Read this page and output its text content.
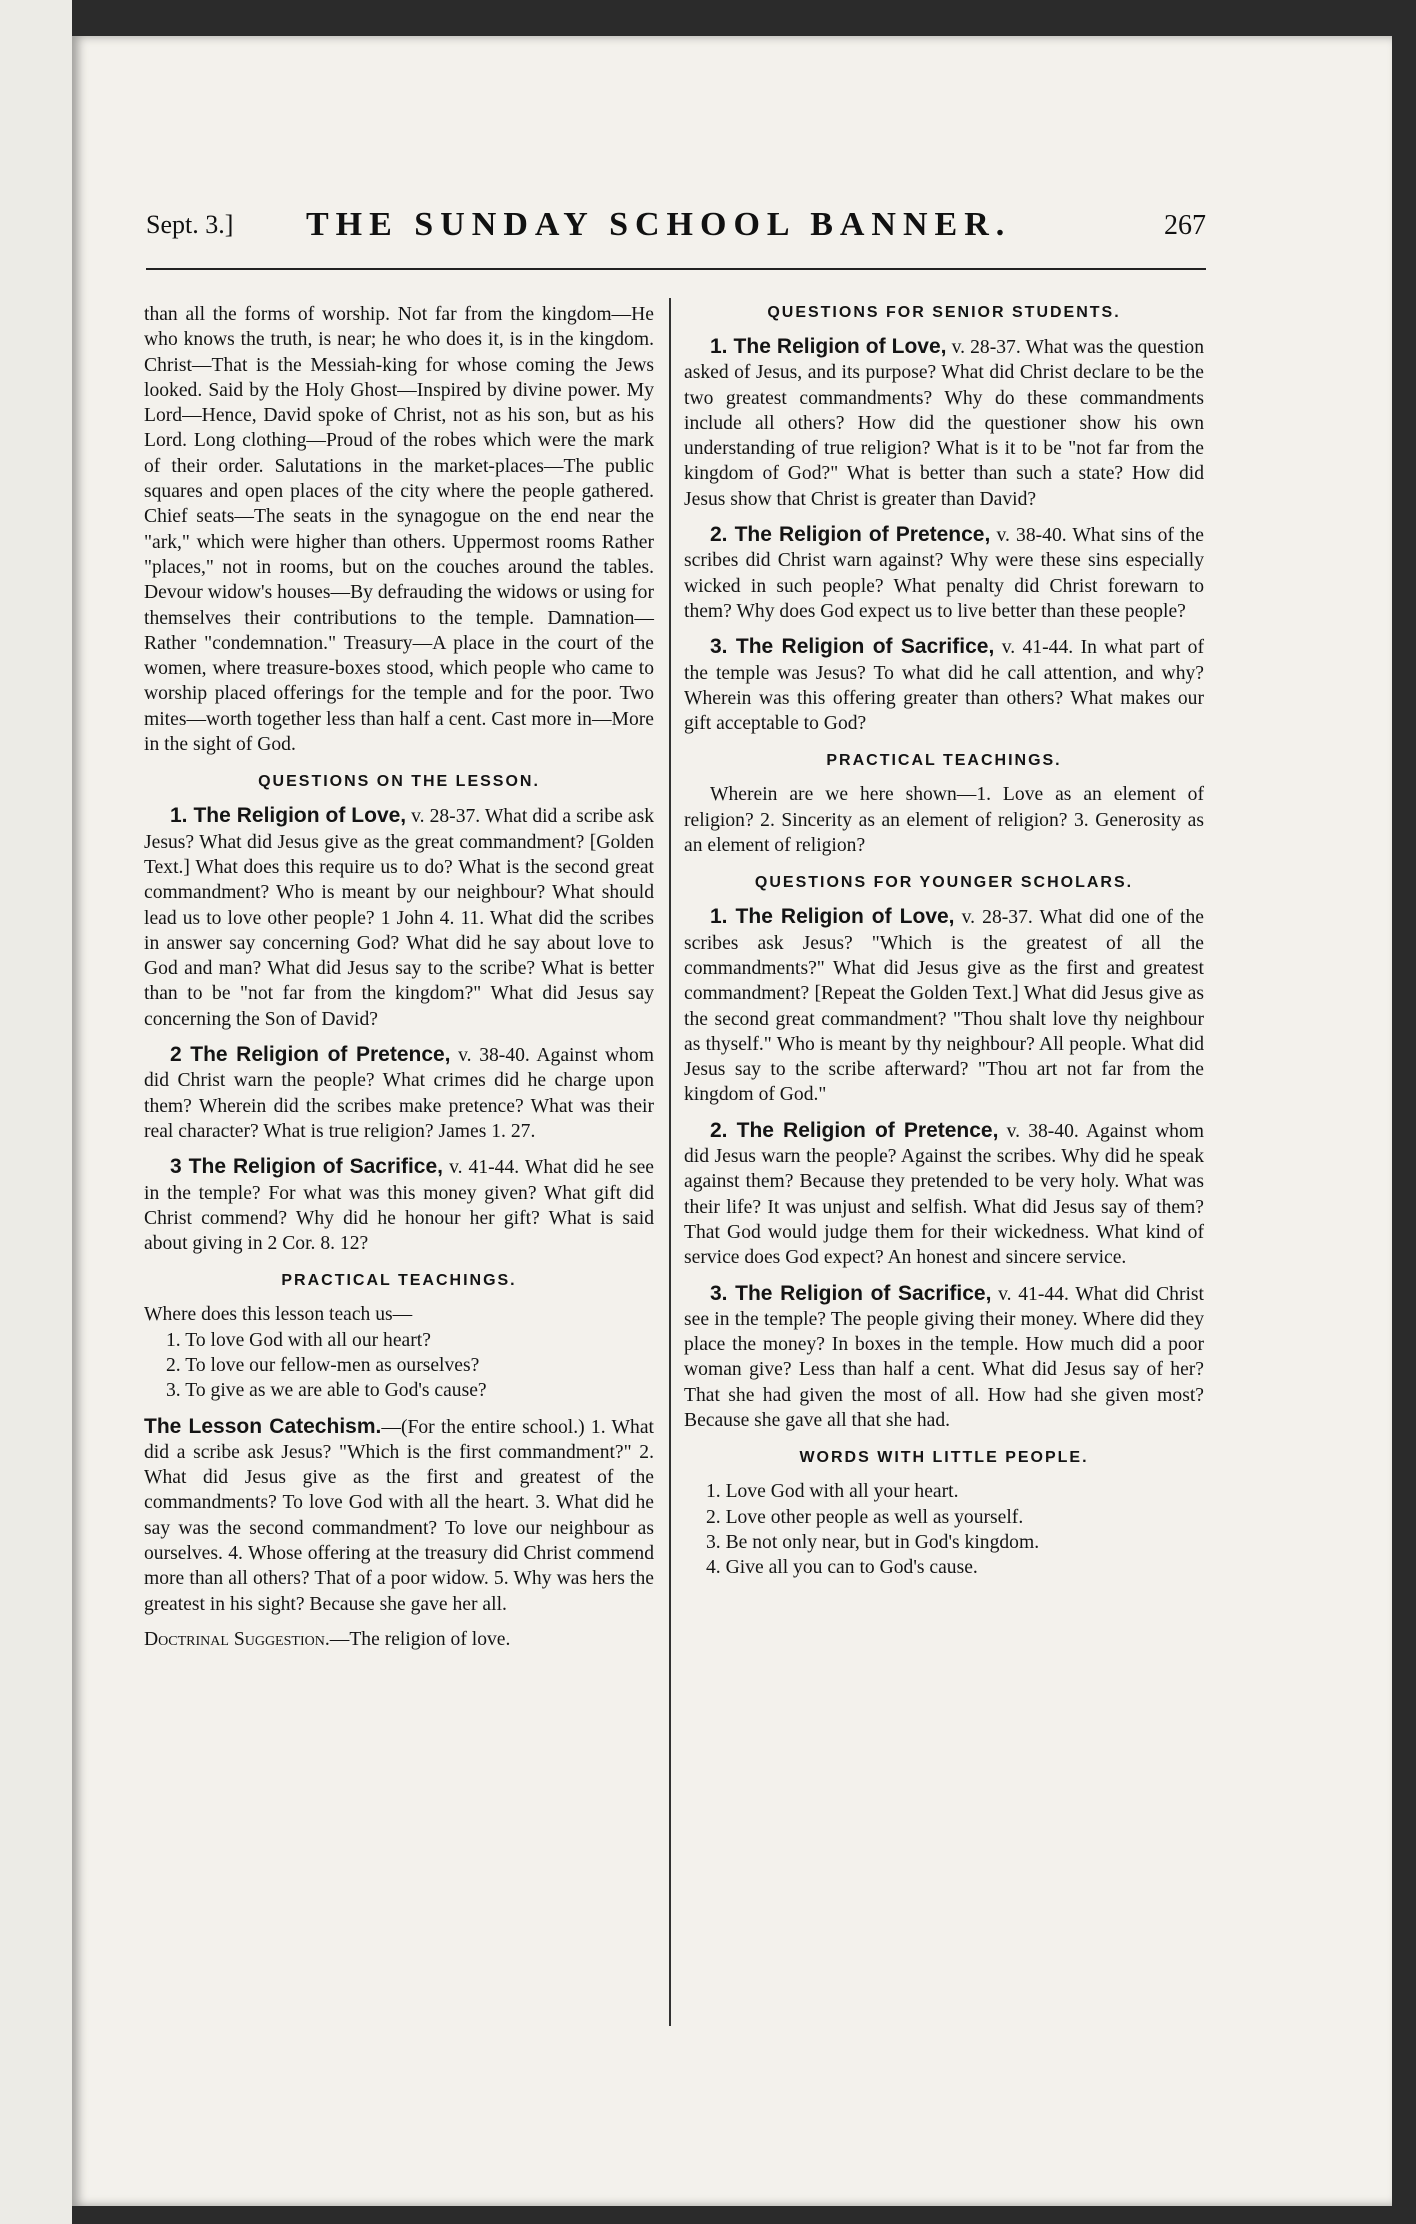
Sept. 3.] THE SUNDAY SCHOOL BANNER.	267

than all the forms of worship. Not far from the kingdom—He who knows the truth, is near; he who does it, is in the kingdom. Christ—That is the Messiah-king for whose coming the Jews looked. Said by the Holy Ghost—Inspired by divine power. My Lord—Hence, David spoke of Christ, not as his son, but as his Lord. Long clothing—Proud of the robes which were the mark of their order. Salutations in the market-places—The public squares and open places of the city where the people gathered. Chief seats—The seats in the synagogue on the end near the "ark," which were higher than others. Uppermost rooms Rather "places," not in rooms, but on the couches around the tables. Devour widow's houses—By defrauding the widows or using for themselves their contributions to the temple. Damnation—Rather "condemnation." Treasury—A place in the court of the women, where treasure-boxes stood, which people who came to worship placed offerings for the temple and for the poor. Two mites—worth together less than half a cent. Cast more in—More in the sight of God.

QUESTIONS ON THE LESSON.

1. The Religion of Love, v. 28-37. What did a scribe ask Jesus? What did Jesus give as the great commandment? [Golden Text.] What does this require us to do? What is the second great commandment? Who is meant by our neighbour? What should lead us to love other people? 1 John 4. 11. What did the scribes in answer say concerning God? What did he say about love to God and man? What did Jesus say to the scribe? What is better than to be "not far from the kingdom?" What did Jesus say concerning the Son of David?

2 The Religion of Pretence, v. 38-40. Against whom did Christ warn the people? What crimes did he charge upon them? Wherein did the scribes make pretence? What was their real character? What is true religion? James 1. 27.

3 The Religion of Sacrifice, v. 41-44. What did he see in the temple? For what was this money given? What gift did Christ commend? Why did he honour her gift? What is said about giving in 2 Cor. 8. 12?

PRACTICAL TEACHINGS.

Where does this lesson teach us—

1. To love God with all our heart?
2. To love our fellow-men as ourselves?
3. To give as we are able to God's cause?

The Lesson Catechism.—(For the entire school.) 1. What did a scribe ask Jesus? "Which is the first commandment?" 2. What did Jesus give as the first and greatest of the commandments? To love God with all the heart. 3. What did he say was the second commandment? To love our neighbour as ourselves. 4. Whose offering at the treasury did Christ commend more than all others? That of a poor widow. 5. Why was hers the greatest in his sight? Because she gave her all.

Doctrinal Suggestion.—The religion of love.

QUESTIONS FOR SENIOR STUDENTS.

1. The Religion of Love, v. 28-37. What was the question asked of Jesus, and its purpose? What did Christ declare to be the two greatest commandments? Why do these commandments include all others? How did the questioner show his own understanding of true religion? What is it to be "not far from the kingdom of God?" What is better than such a state? How did Jesus show that Christ is greater than David?

2. The Religion of Pretence, v. 38-40. What sins of the scribes did Christ warn against? Why were these sins especially wicked in such people? What penalty did Christ forewarn to them? Why does God expect us to live better than these people?

3. The Religion of Sacrifice, v. 41-44. In what part of the temple was Jesus? To what did he call attention, and why? Wherein was this offering greater than others? What makes our gift acceptable to God?

PRACTICAL TEACHINGS.

Wherein are we here shown—1. Love as an element of religion? 2. Sincerity as an element of religion? 3. Generosity as an element of religion?

QUESTIONS FOR YOUNGER SCHOLARS.

1. The Religion of Love, v. 28-37. What did one of the scribes ask Jesus? "Which is the greatest of all the commandments?" What did Jesus give as the first and greatest commandment? [Repeat the Golden Text.] What did Jesus give as the second great commandment? "Thou shalt love thy neighbour as thyself." Who is meant by thy neighbour? All people. What did Jesus say to the scribe afterward? "Thou art not far from the kingdom of God."

2. The Religion of Pretence, v. 38-40. Against whom did Jesus warn the people? Against the scribes. Why did he speak against them? Because they pretended to be very holy. What was their life? It was unjust and selfish. What did Jesus say of them? That God would judge them for their wickedness. What kind of service does God expect? An honest and sincere service.

3. The Religion of Sacrifice, v. 41-44. What did Christ see in the temple? The people giving their money. Where did they place the money? In boxes in the temple. How much did a poor woman give? Less than half a cent. What did Jesus say of her? That she had given the most of all. How had she given most? Because she gave all that she had.

WORDS WITH LITTLE PEOPLE.
1. Love God with all your heart.
2. Love other people as well as yourself.
3. Be not only near, but in God's kingdom.
4. Give all you can to God's cause.
